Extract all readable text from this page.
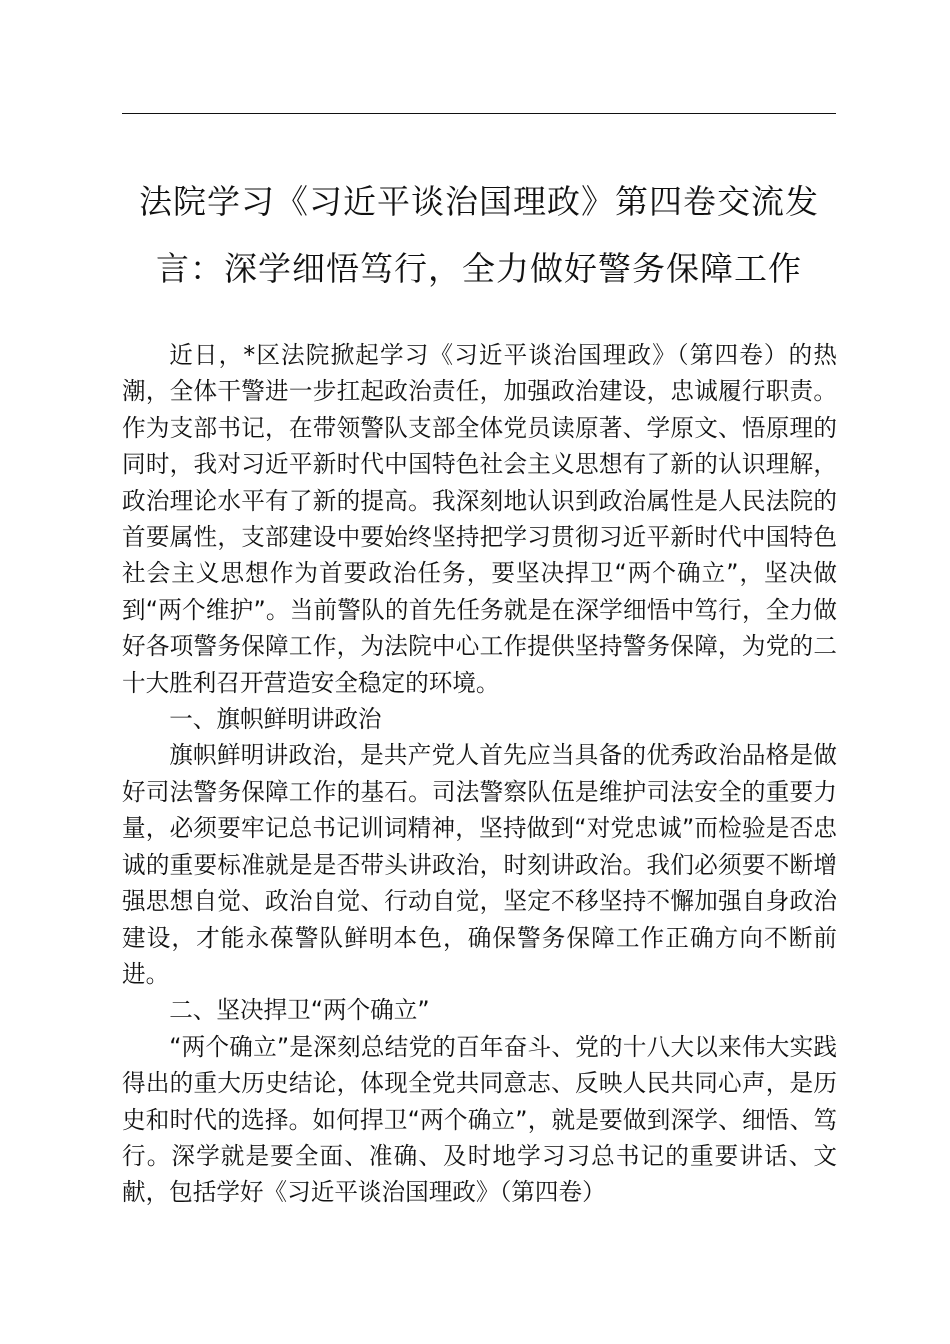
法院学习《习近平谈治国理政》第四卷交流发
言：深学细悟笃行，全力做好警务保障工作

近日，*区法院掀起学习《习近平谈治国理政》（第四卷）的热潮，全体干警进一步扛起政治责任，加强政治建设，忠诚履行职责。作为支部书记，在带领警队支部全体党员读原著、学原文、悟原理的同时，我对习近平新时代中国特色社会主义思想有了新的认识理解，政治理论水平有了新的提高。我深刻地认识到政治属性是人民法院的首要属性，支部建设中要始终坚持把学习贯彻习近平新时代中国特色社会主义思想作为首要政治任务，要坚决捍卫“两个确立”，坚决做到“两个维护”。当前警队的首先任务就是在深学细悟中笃行，全力做好各项警务保障工作，为法院中心工作提供坚持警务保障，为党的二十大胜利召开营造安全稳定的环境。

一、旗帜鲜明讲政治

旗帜鲜明讲政治，是共产党人首先应当具备的优秀政治品格是做好司法警务保障工作的基石。司法警察队伍是维护司法安全的重要力量，必须要牢记总书记训词精神，坚持做到“对党忠诚”而检验是否忠诚的重要标准就是是否带头讲政治，时刻讲政治。我们必须要不断增强思想自觉、政治自觉、行动自觉，坚定不移坚持不懈加强自身政治建设，才能永葆警队鲜明本色，确保警务保障工作正确方向不断前进。

二、坚决捍卫“两个确立”

“两个确立”是深刻总结党的百年奋斗、党的十八大以来伟大实践得出的重大历史结论，体现全党共同意志、反映人民共同心声，是历史和时代的选择。如何捍卫“两个确立”，就是要做到深学、细悟、笃行。深学就是要全面、准确、及时地学习习总书记的重要讲话、文献，包括学好《习近平谈治国理政》（第四卷）
